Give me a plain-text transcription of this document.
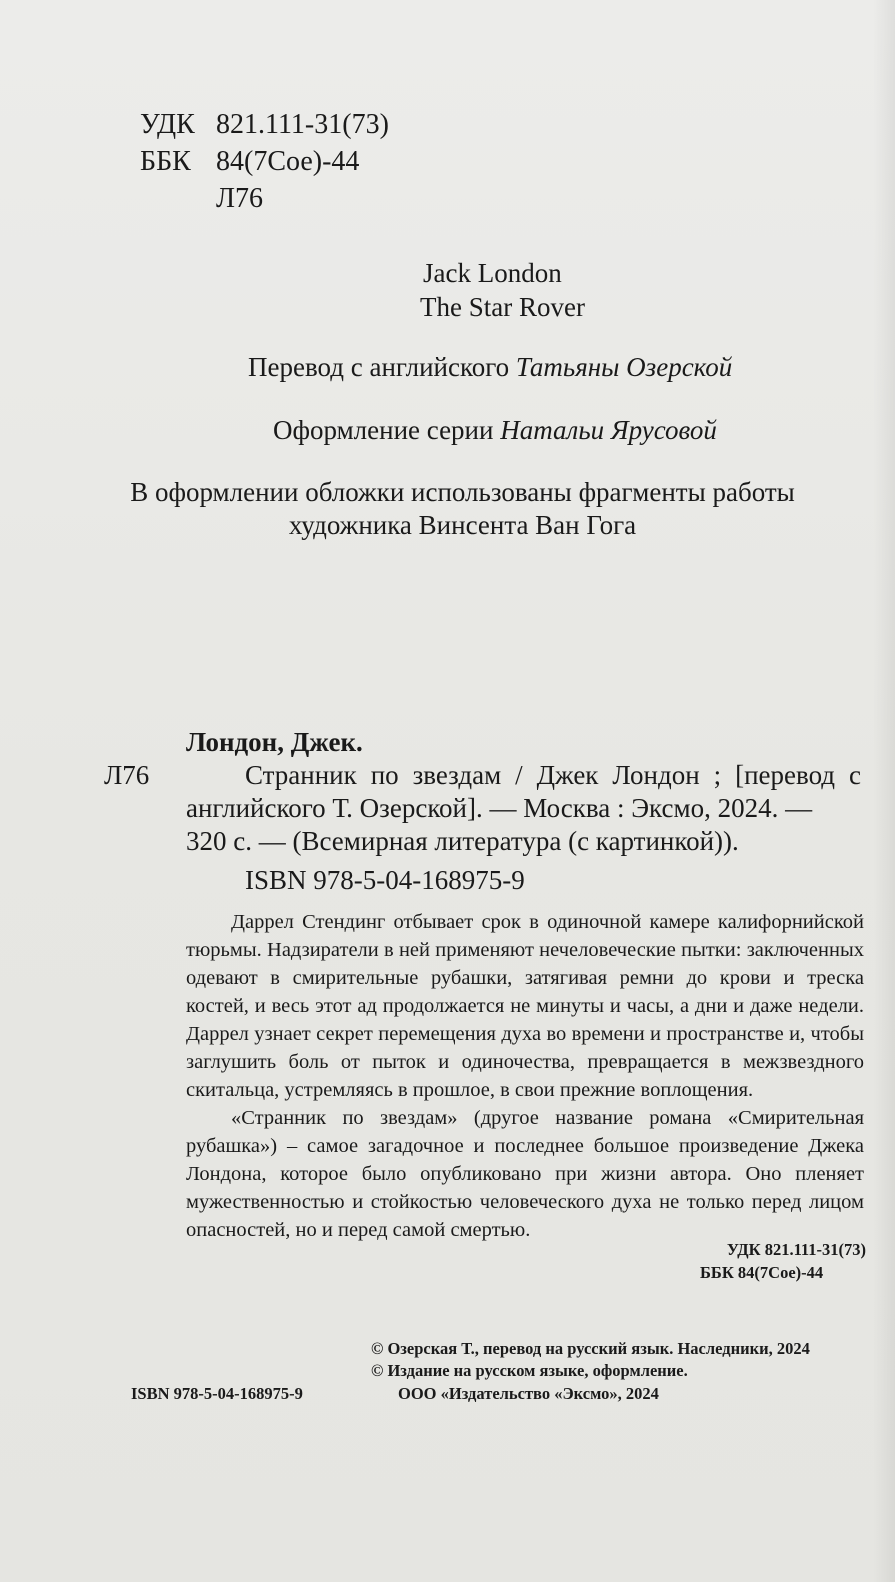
УДК 821.111-31(73)
ББК 84(7Сое)-44
Л76
Jack London
The Star Rover
Перевод с английского Татьяны Озерской
Оформление серии Натальи Ярусовой
В оформлении обложки использованы фрагменты работы
художника Винсента Ван Гога
Лондон, Джек.
Л76	Странник по звездам / Джек Лондон ; [перевод с
английского Т. Озерской]. — Москва : Эксмо, 2024. —
320 с. — (Всемирная литература (с картинкой)).
ISBN 978-5-04-168975-9

Даррел Стендинг отбывает срок в одиночной камере калифорнийской тюрьмы. Надзиратели в ней применяют нечеловеческие пытки: заключенных одевают в смирительные рубашки, затягивая ремни до крови и треска костей, и весь этот ад продолжается не минуты и часы, а дни и даже недели. Даррел узнает секрет перемещения духа во времени и пространстве и, чтобы заглушить боль от пыток и одиночества, превращается в межзвездного скитальца, устремляясь в прошлое, в свои прежние воплощения.

«Странник по звездам» (другое название романа «Смирительная рубашка») – самое загадочное и последнее большое произведение Джека Лондона, которое было опубликовано при жизни автора. Оно пленяет мужественностью и стойкостью человеческого духа не только перед лицом опасностей, но и перед самой смертью.

УДК 821.111-31(73)
ББК 84(7Сое)-44
© Озерская Т., перевод на русский язык. Наследники, 2024
© Издание на русском языке, оформление.
ООО «Издательство «Эксмо», 2024
ISBN 978-5-04-168975-9
